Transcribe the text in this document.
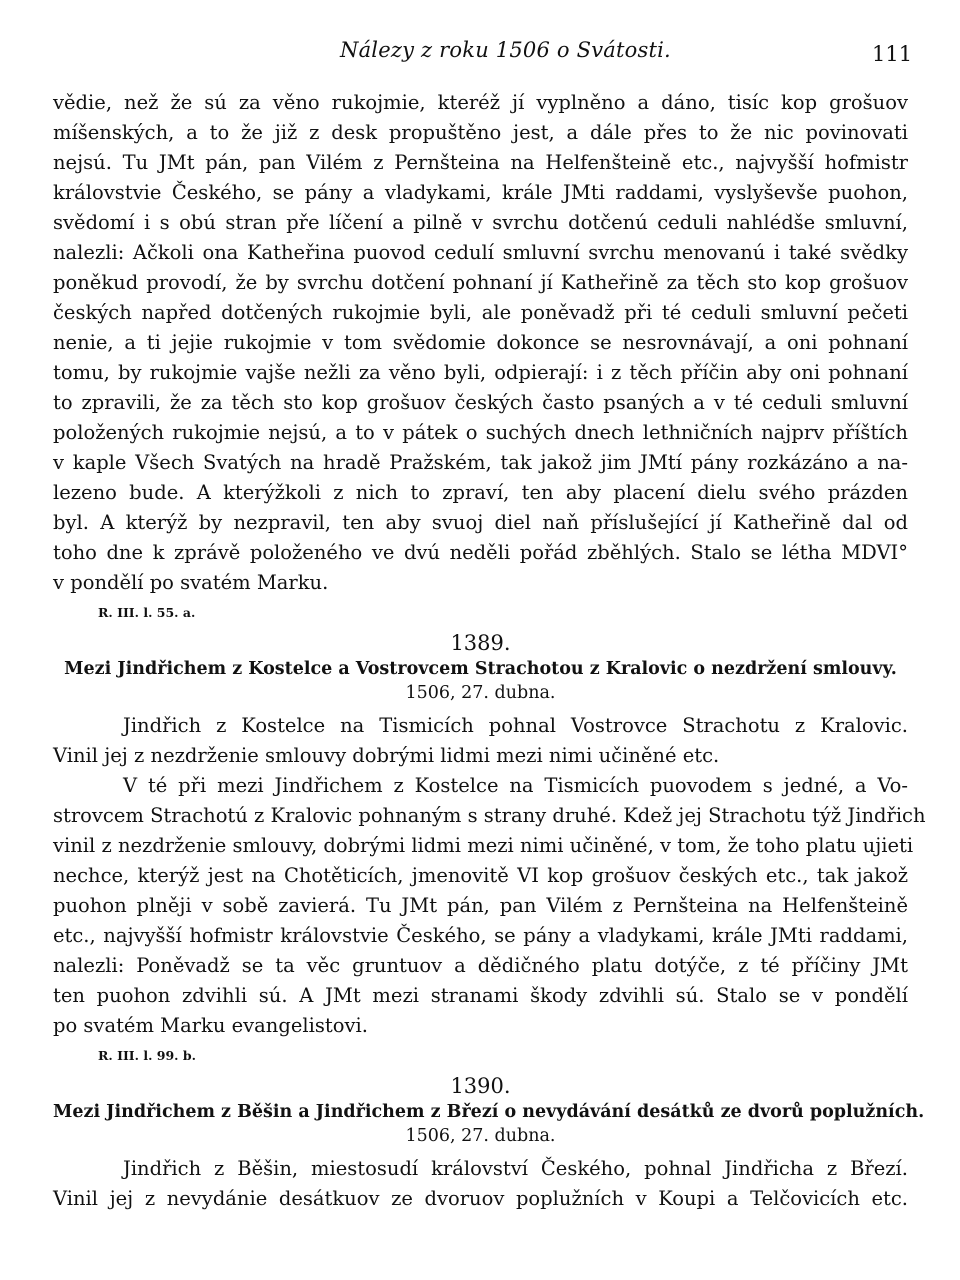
Nálezy z roku 1506 o Svátosti.	111
vědie, než že sú za věno rukojmie, kteréž jí vyplněno a dáno, tisíc kop grošuov
míšenských, a to že již z desk propuštěno jest, a dále přes to že nic povinovati
nejsú. Tu JMt pán, pan Vilém z Pernšteina na Helfenšteině etc., najvyšší hofmistr
královstvie Českého, se pány a vladykami, krále JMti raddami, vyslyševše puohon,
svědomí i s obú stran pře líčení a pilně v svrchu dotčenú ceduli nahlédše smluvní,
nalezli: Ačkoli ona Katheřina puovod cedulí smluvní svrchu menovanú i také svědky
poněkud provodí, že by svrchu dotčení pohnaní jí Katheřině za těch sto kop grošuov
českých napřed dotčených rukojmie byli, ale poněvadž při té ceduli smluvní pečeti
nenie, a ti jejie rukojmie v tom svědomie dokonce se nesrovnávají, a oni pohnaní
tomu, by rukojmie vajše nežli za věno byli, odpierají: i z těch příčin aby oni pohnaní
to zpravili, že za těch sto kop grošuov českých často psaných a v té ceduli smluvní
položených rukojmie nejsú, a to v pátek o suchých dnech lethničních najprv příštích
v kaple Všech Svatých na hradě Pražském, tak jakož jim JMtí pány rozkázáno a na-
lezeno bude. A kterýžkoli z nich to zpraví, ten aby placení dielu svého prázden
byl. A kterýž by nezpravil, ten aby svuoj diel naň příslušející jí Katheřině dal od
toho dne k zprávě položeného ve dvú neděli pořád zběhlých. Stalo se létha MDVI°
v pondělí po svatém Marku.
R. III. l. 55. a.
1389.
Mezi Jindřichem z Kostelce a Vostrovcem Strachotou z Kralovic o nezdržení smlouvy.
1506, 27. dubna.
Jindřich z Kostelce na Tismicích pohnal Vostrovce Strachotu z Kralovic.
Vinil jej z nezdrženie smlouvy dobrými lidmi mezi nimi učiněné etc.
V té při mezi Jindřichem z Kostelce na Tismicích puovodem s jedné, a Vo-
strovcem Strachotú z Kralovic pohnaným s strany druhé. Kdež jej Strachotu týž Jindřich
vinil z nezdrženie smlouvy, dobrými lidmi mezi nimi učiněné, v tom, že toho platu ujieti
nechce, kterýž jest na Chotěticích, jmenovitě VI kop grošuov českých etc., tak jakož
puohon plněji v sobě zavierá. Tu JMt pán, pan Vilém z Pernšteina na Helfenšteině
etc., najvyšší hofmistr královstvie Českého, se pány a vladykami, krále JMti raddami,
nalezli: Poněvadž se ta věc gruntuov a dědičného platu dotýče, z té příčiny JMt
ten puohon zdvihli sú. A JMt mezi stranami škody zdvihli sú. Stalo se v pondělí
po svatém Marku evangelistovi.
R. III. l. 99. b.
1390.
Mezi Jindřichem z Běšin a Jindřichem z Březí o nevydávání desátků ze dvorů poplužních.
1506, 27. dubna.
Jindřich z Běšin, miestosudí království Českého, pohnal Jindřicha z Březí.
Vinil jej z nevydánie desátkuov ze dvoruov poplužních v Koupi a Telčovicích etc.
